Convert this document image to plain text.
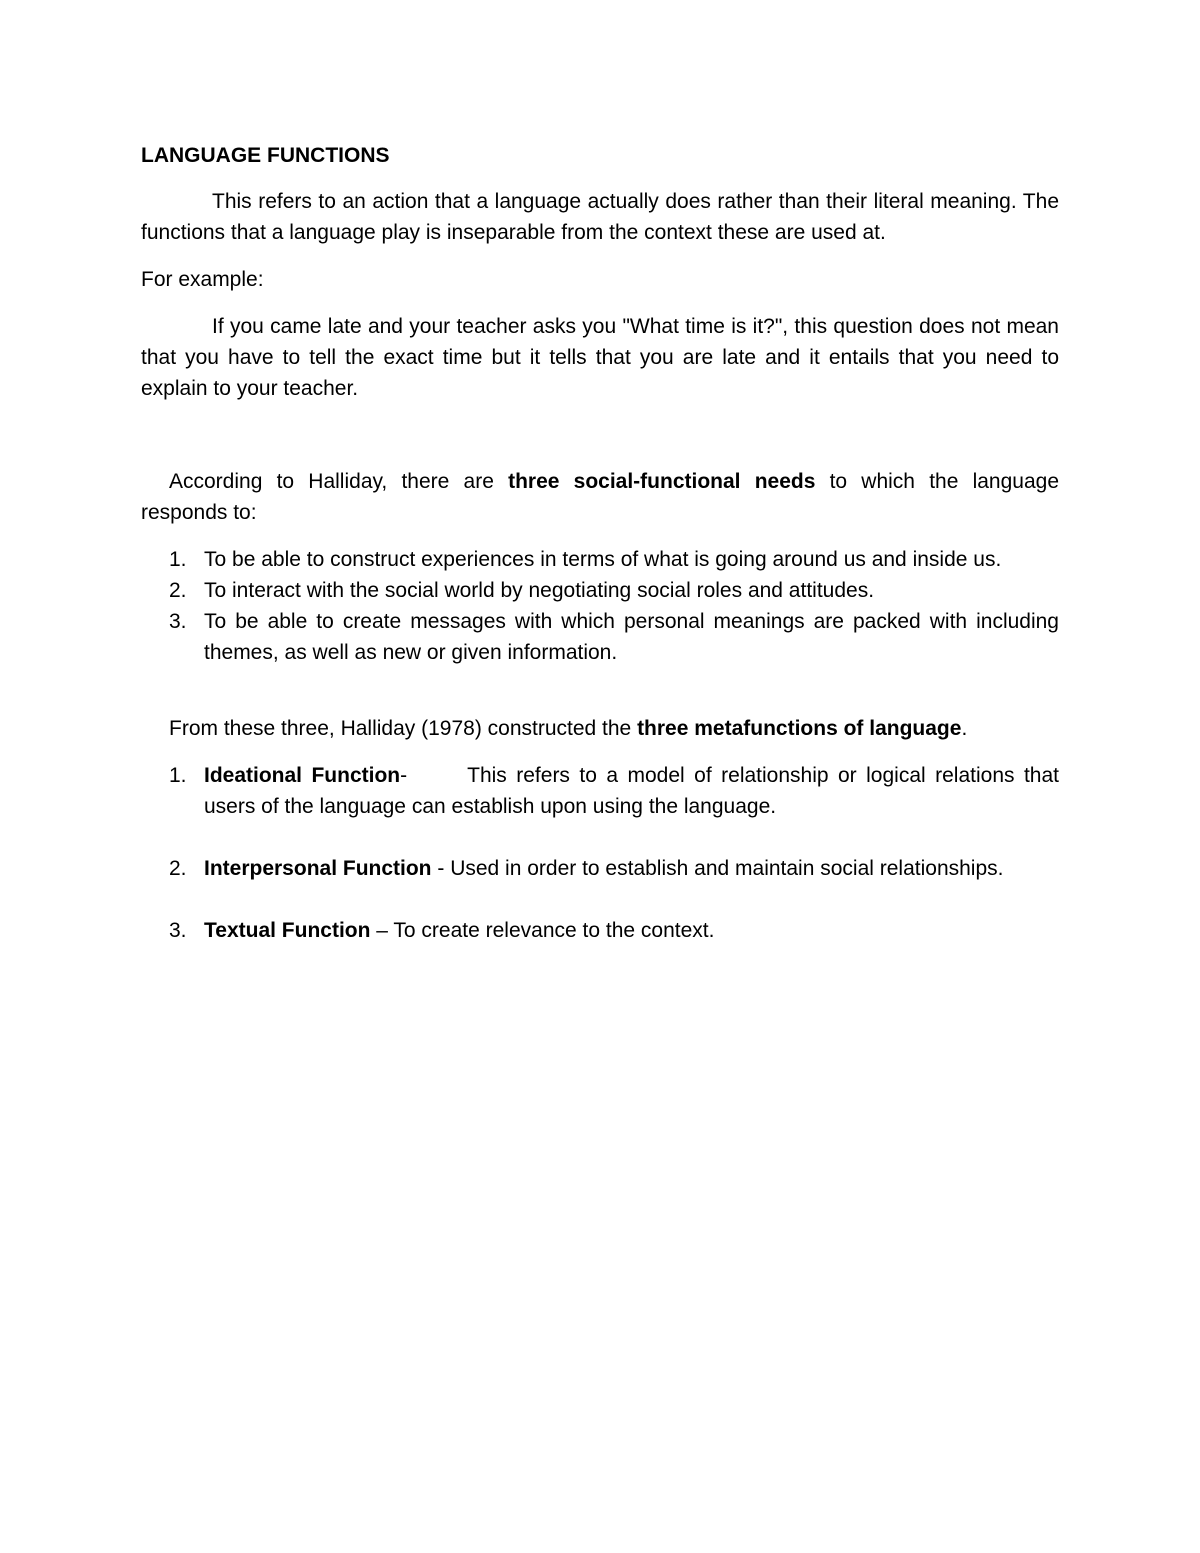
LANGUAGE FUNCTIONS

This refers to an action that a language actually does rather than their literal meaning. The functions that a language play is inseparable from the context these are used at.

For example:

If you came late and your teacher asks you "What time is it?", this question does not mean that you have to tell the exact time but it tells that you are late and it entails that you need to explain to your teacher.

According to Halliday, there are three social-functional needs to which the language responds to:

1. To be able to construct experiences in terms of what is going around us and inside us.
2. To interact with the social world by negotiating social roles and attitudes.
3. To be able to create messages with which personal meanings are packed with including themes, as well as new or given information.

From these three, Halliday (1978) constructed the three metafunctions of language.

1. Ideational Function-	This refers to a model of relationship or logical relations that users of the language can establish upon using the language.
2. Interpersonal Function - Used in order to establish and maintain social relationships.
3. Textual Function – To create relevance to the context.
